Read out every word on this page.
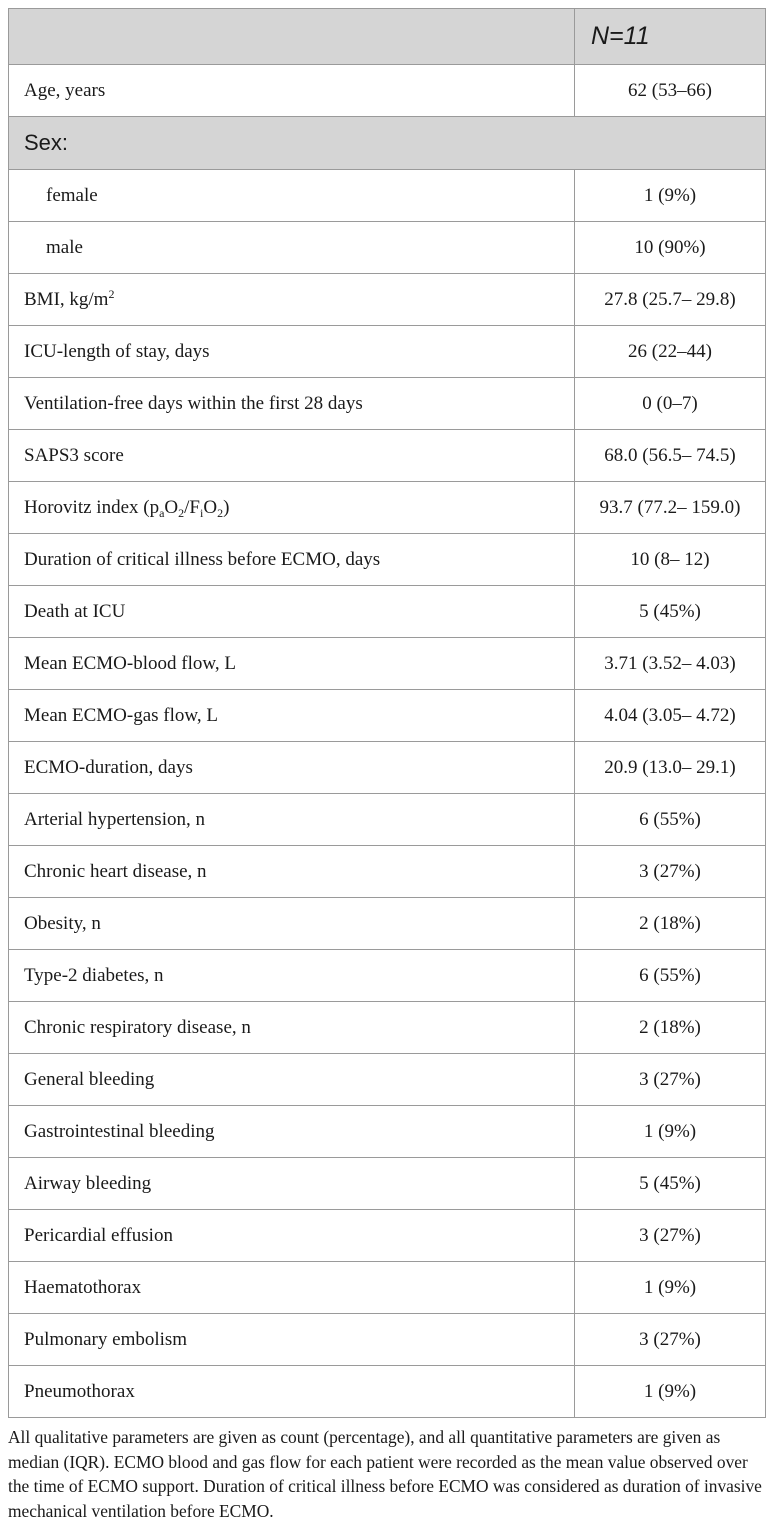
	N=11
Age, years	62 (53–66)
Sex:	
female	1 (9%)
male	10 (90%)
BMI, $kg/m^2$	27.8 (25.7– 29.8)
ICU-length of stay, days	26 (22–44)
Ventilation-free days within the first 28 days	0 (0–7)
SAPS3 score	68.0 (56.5– 74.5)
Horovitz index $(p_aO_2/F_iO_2)$	93.7 (77.2– 159.0)
Duration of critical illness before ECMO, days	10 (8– 12)
Death at ICU	5 (45%)
Mean ECMO-blood flow, L	3.71 (3.52– 4.03)
Mean ECMO-gas flow, L	4.04 (3.05– 4.72)
ECMO-duration, days	20.9 (13.0– 29.1)
Arterial hypertension, n	6 (55%)
Chronic heart disease, n	3 (27%)
Obesity, n	2 (18%)
Type-2 diabetes, n	6 (55%)
Chronic respiratory disease, n	2 (18%)
General bleeding	3 (27%)
Gastrointestinal bleeding	1 (9%)
Airway bleeding	5 (45%)
Pericardial effusion	3 (27%)
Haematothorax	1 (9%)
Pulmonary embolism	3 (27%)
Pneumothorax	1 (9%)

All qualitative parameters are given as count (percentage), and all quantitative parameters are given as median (IQR). ECMO blood and gas flow for each patient were recorded as the mean value observed over the time of ECMO support. Duration of critical illness before ECMO was considered as duration of invasive mechanical ventilation before ECMO.
